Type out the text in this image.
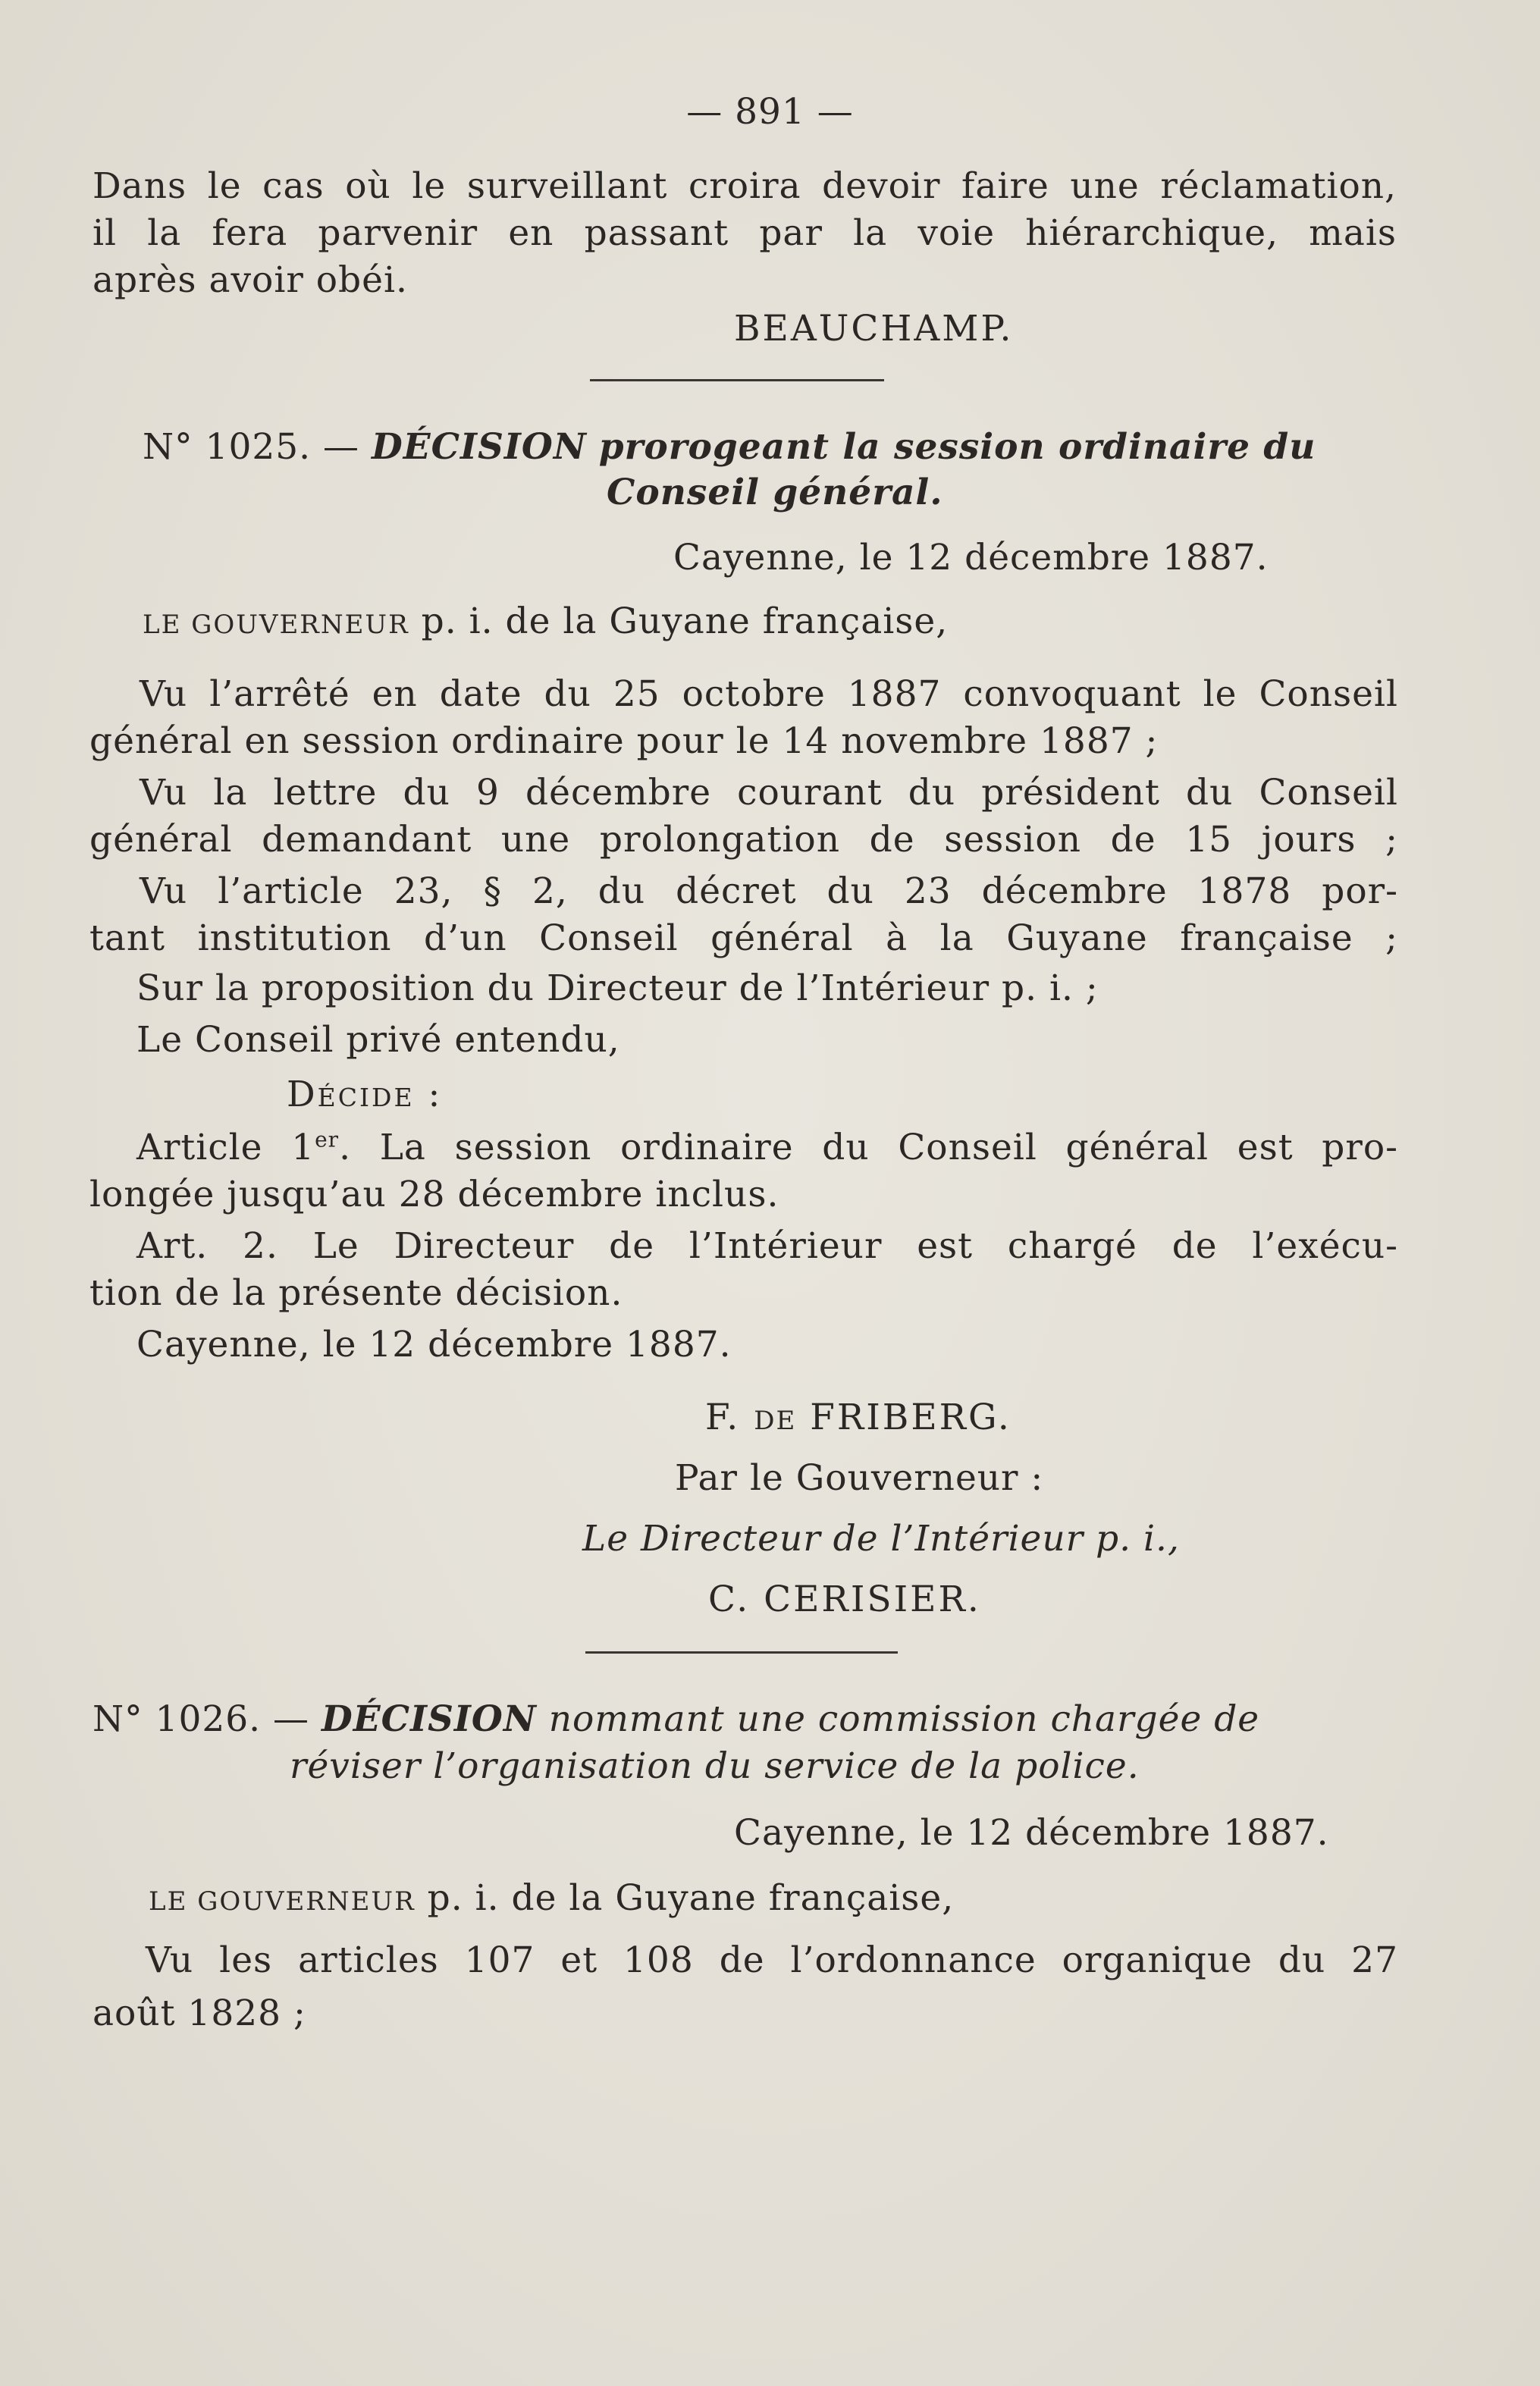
— 891 —
Dans le cas où le surveillant croira devoir faire une réclamation,
il la fera parvenir en passant par la voie hiérarchique, mais
après avoir obéi.
BEAUCHAMP.
N° 1025. — DÉCISION prorogeant la session ordinaire du
Conseil général.
Cayenne, le 12 décembre 1887.
LE GOUVERNEUR p. i. de la Guyane française,
Vu l’arrêté en date du 25 octobre 1887 convoquant le Conseil
général en session ordinaire pour le 14 novembre 1887 ;
Vu la lettre du 9 décembre courant du président du Conseil
général demandant une prolongation de session de 15 jours ;
Vu l’article 23, § 2, du décret du 23 décembre 1878 por-
tant institution d’un Conseil général à la Guyane française ;
Sur la proposition du Directeur de l’Intérieur p. i. ;
Le Conseil privé entendu,
Décide :
Article 1er. La session ordinaire du Conseil général est pro-
longée jusqu’au 28 décembre inclus.
Art. 2. Le Directeur de l’Intérieur est chargé de l’exécu-
tion de la présente décision.
Cayenne, le 12 décembre 1887.
F. DE FRIBERG.
Par le Gouverneur :
Le Directeur de l’Intérieur p. i.,
C. CERISIER.
N° 1026. — DÉCISION nommant une commission chargée de
réviser l’organisation du service de la police.
Cayenne, le 12 décembre 1887.
LE GOUVERNEUR p. i. de la Guyane française,
Vu les articles 107 et 108 de l’ordonnance organique du 27
août 1828 ;
